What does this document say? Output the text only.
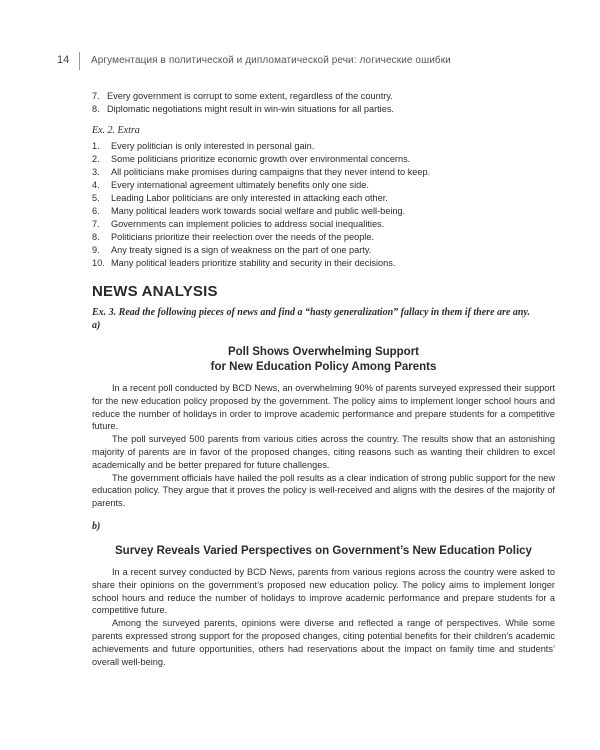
14 Аргументация в политической и дипломатической речи: логические ошибки
7. Every government is corrupt to some extent, regardless of the country.
8. Diplomatic negotiations might result in win-win situations for all parties.
Ex. 2. Extra
1.	Every politician is only interested in personal gain.
2.	Some politicians prioritize economic growth over environmental concerns.
3.	All politicians make promises during campaigns that they never intend to keep.
4.	Every international agreement ultimately benefits only one side.
5.	Leading Labor politicians are only interested in attacking each other.
6.	Many political leaders work towards social welfare and public well-being.
7.	Governments can implement policies to address social inequalities.
8.	Politicians prioritize their reelection over the needs of the people.
9.	Any treaty signed is a sign of weakness on the part of one party.
10. Many political leaders prioritize stability and security in their decisions.
NEWS ANALYSIS

Ex. 3. Read the following pieces of news and find a “hasty generalization” fallacy in them if there are any.

a)

Poll Shows Overwhelming Support
for New Education Policy Among Parents

In a recent poll conducted by BCD News, an overwhelming 90% of parents surveyed expressed their support for the new education policy proposed by the government. The policy aims to implement longer school hours and reduce the number of holidays in order to improve academic performance and prepare students for a competitive future.

The poll surveyed 500 parents from various cities across the country. The results show that an astonishing majority of parents are in favor of the proposed changes, citing reasons such as wanting their children to excel academically and be better prepared for future challenges.

The government officials have hailed the poll results as a clear indication of strong public support for the new education policy. They argue that it proves the policy is well-received and aligns with the desires of the majority of parents.

b)

Survey Reveals Varied Perspectives on Government’s New Education Policy

In a recent survey conducted by BCD News, parents from various regions across the country were asked to share their opinions on the government’s proposed new education policy. The policy aims to implement longer school hours and reduce the number of holidays to improve academic performance and prepare students for a competitive future.

Among the surveyed parents, opinions were diverse and reflected a range of perspectives. While some parents expressed strong support for the proposed changes, citing potential benefits for their children’s academic achievements and future opportunities, others had reservations about the impact on family time and students’ overall well-being.
